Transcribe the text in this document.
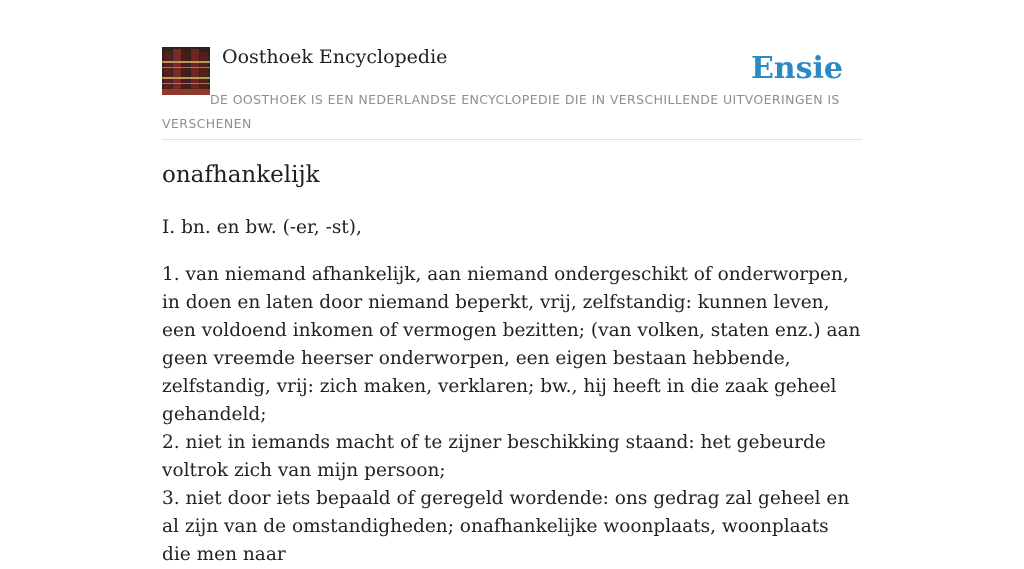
Oosthoek Encyclopedie	Ensie
DE OOSTHOEK IS EEN NEDERLANDSE ENCYCLOPEDIE DIE IN VERSCHILLENDE UITVOERINGEN IS VERSCHENEN
onafhankelijk

I. bn. en bw. (-er, -st),

1. van niemand afhankelijk, aan niemand ondergeschikt of onderworpen, in doen en laten door niemand beperkt, vrij, zelfstandig: kunnen leven, een voldoend inkomen of vermogen bezitten; (van volken, staten enz.) aan geen vreemde heerser onderworpen, een eigen bestaan hebbende, zelfstandig, vrij: zich maken, verklaren; bw., hij heeft in die zaak geheel gehandeld;

2. niet in iemands macht of te zijner beschikking staand: het gebeurde voltrok zich van mijn persoon;

3. niet door iets bepaald of geregeld wordende: ons gedrag zal geheel en al zijn van de omstandigheden; onafhankelijke woonplaats, woonplaats die men naar
